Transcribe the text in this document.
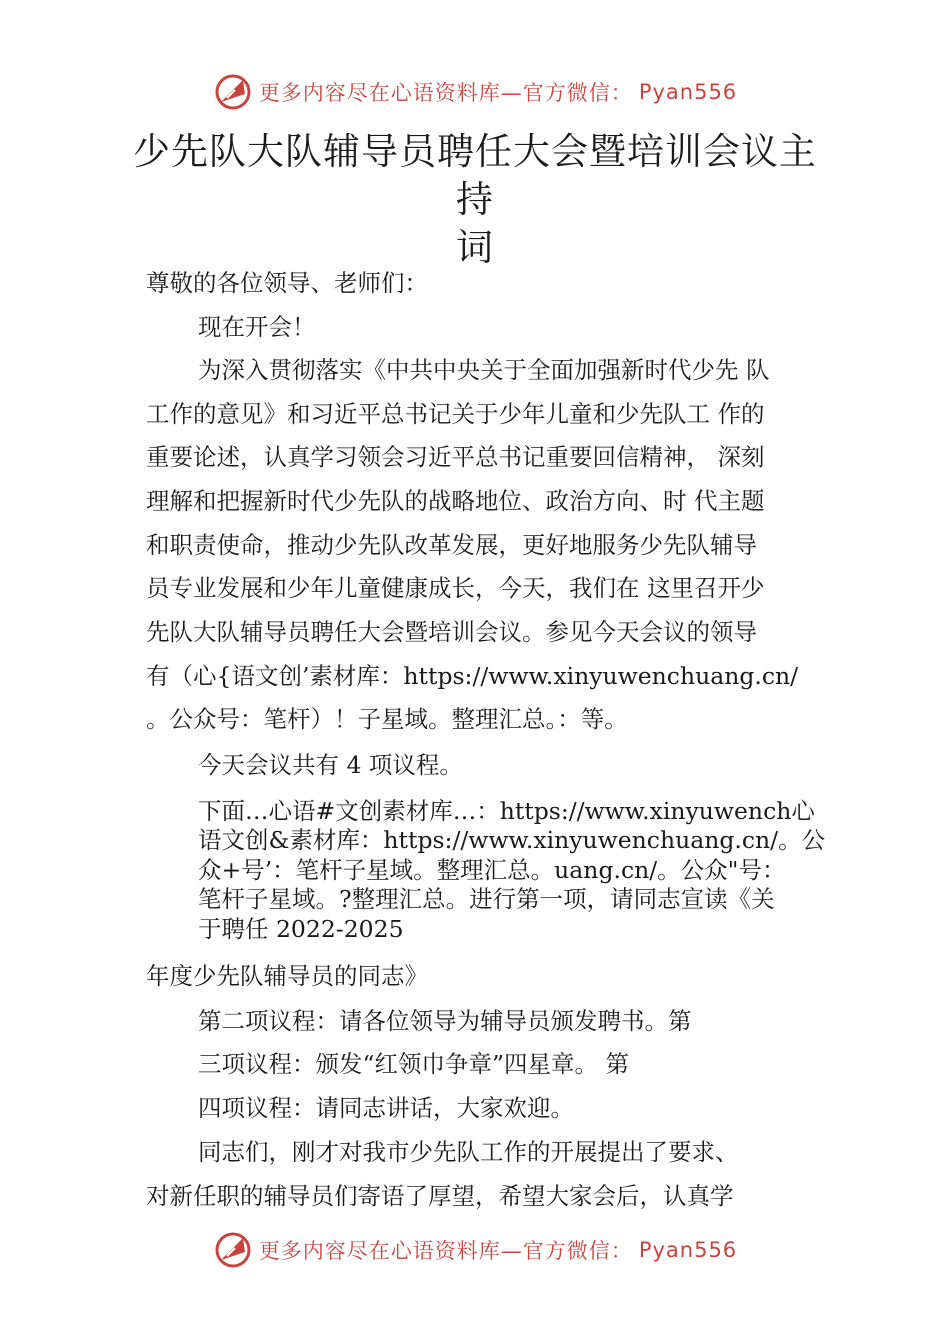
更多内容尽在心语资料库—官方微信： Pyan556
少先队大队辅导员聘任大会暨培训会议主持
词
尊敬的各位领导、老师们：
现在开会！
为深入贯彻落实《中共中央关于全面加强新时代少先 队
工作的意见》和习近平总书记关于少年儿童和少先队工 作的
重要论述，认真学习领会习近平总书记重要回信精神， 深刻
理解和把握新时代少先队的战略地位、政治方向、时 代主题
和职责使命，推动少先队改革发展，更好地服务少先队辅导
员专业发展和少年儿童健康成长，今天，我们在 这里召开少
先队大队辅导员聘任大会暨培训会议。参见今天会议的领导
有（心{语文创’素材库：https://www.xinyuwenchuang.cn/
。公众号：笔杆）！子星域。整理汇总。：等。
今天会议共有 4 项议程。
下面…心语#文创素材库…：https://www.xinyuwench心
语文创&素材库：https://www.xinyuwenchuang.cn/。公
众+号’：笔杆子星域。整理汇总。uang.cn/。公众"号：
笔杆子星域。?整理汇总。进行第一项，请同志宣读《关
于聘任 2022-2025
年度少先队辅导员的同志》
第二项议程：请各位领导为辅导员颁发聘书。第
三项议程：颁发“红领巾争章”四星章。 第
四项议程：请同志讲话，大家欢迎。
同志们，刚才对我市少先队工作的开展提出了要求、
对新任职的辅导员们寄语了厚望，希望大家会后，认真学
更多内容尽在心语资料库—官方微信： Pyan556
